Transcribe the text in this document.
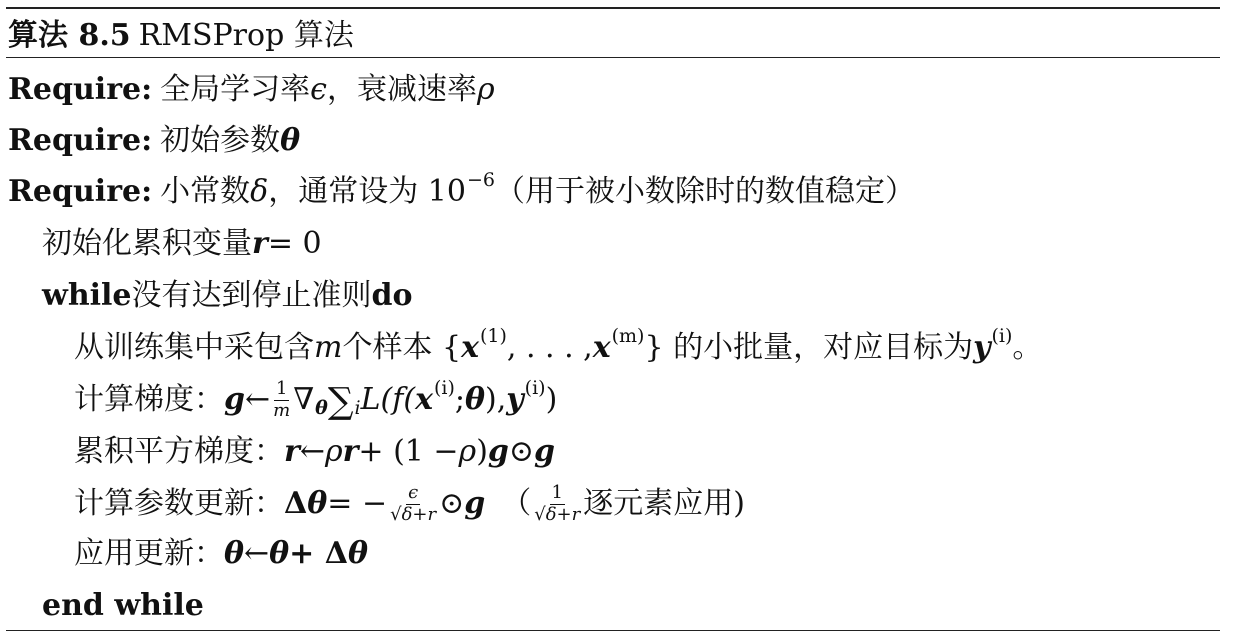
算法 8.5 RMSProp 算法
Require: 全局学习率 ϵ ，衰减速率 ρ
Require: 初始参数 θ
Require: 小常数 δ ，通常设为 10 −6 （用于被小数除时的数值稳定）
初始化累积变量 r = 0
while 没有达到停止准则 do
从训练集中采包含 m 个样本 { x (1) , . . . , x (m) } 的小批量，对应目标为 y (i) 。
计算梯度： g ← $\frac{1}{m}$ ∇ θ ∑ i L(f( x (i) ; θ ), y (i) )
累积平方梯度： r ← ρ r + (1 − ρ ) g ⊙ g
计算参数更新： Δ θ = − $\frac{\epsilon}{√\delta+r}$ ⊙ g （ $\frac{1}{√\delta+r}$ 逐元素应用)
应用更新： θ ← θ + Δ θ
end while
